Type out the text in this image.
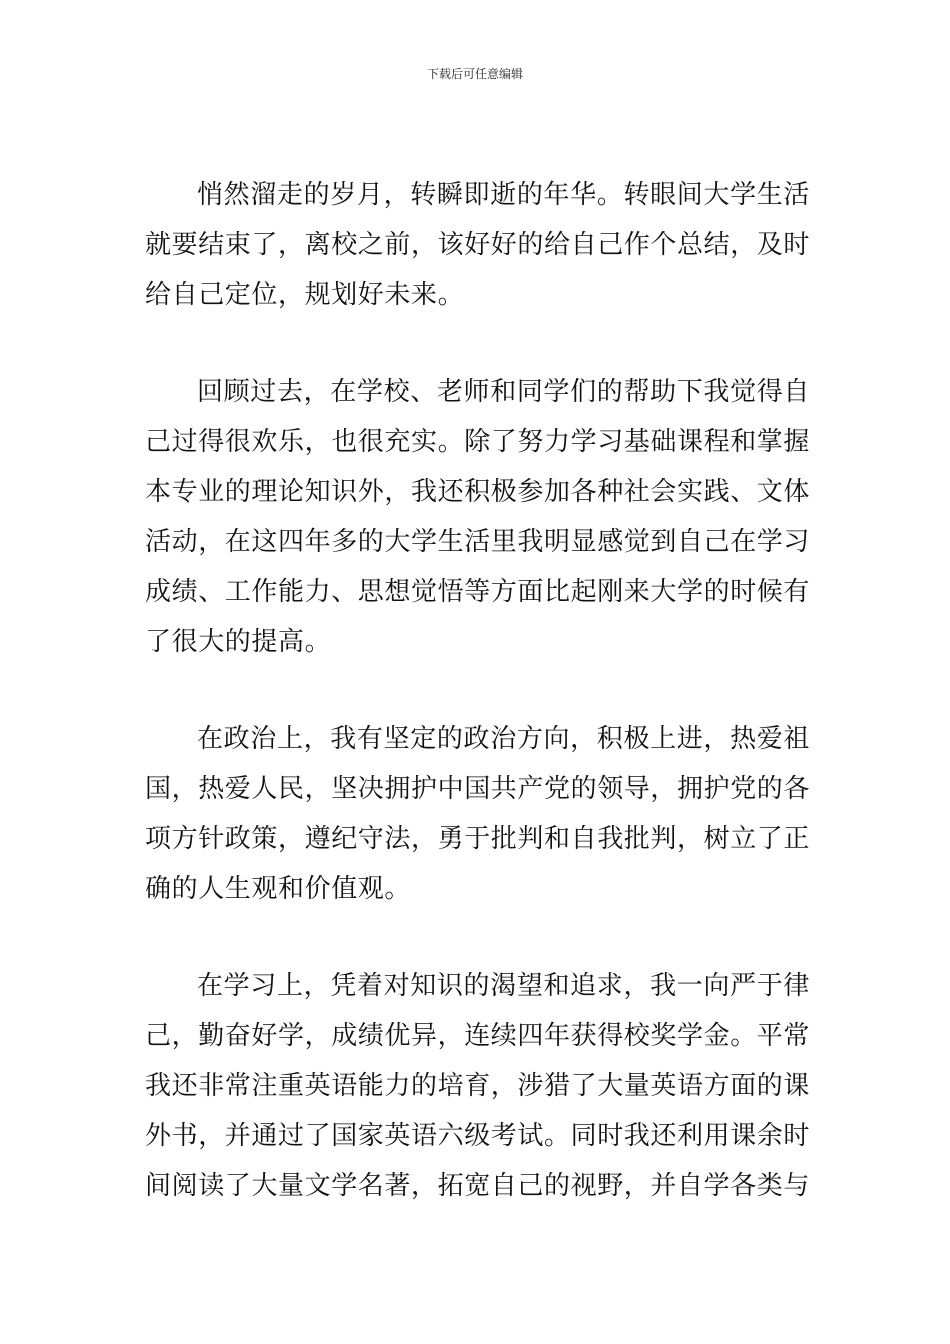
下载后可任意编辑

悄然溜走的岁月，转瞬即逝的年华。转眼间大学生活就要结束了，离校之前，该好好的给自己作个总结，及时给自己定位，规划好未来。

回顾过去，在学校、老师和同学们的帮助下我觉得自己过得很欢乐，也很充实。除了努力学习基础课程和掌握本专业的理论知识外，我还积极参加各种社会实践、文体活动，在这四年多的大学生活里我明显感觉到自己在学习成绩、工作能力、思想觉悟等方面比起刚来大学的时候有了很大的提高。

在政治上，我有坚定的政治方向，积极上进，热爱祖国，热爱人民，坚决拥护中国共产党的领导，拥护党的各项方针政策，遵纪守法，勇于批判和自我批判，树立了正确的人生观和价值观。

在学习上，凭着对知识的渴望和追求，我一向严于律己，勤奋好学，成绩优异，连续四年获得校奖学金。平常我还非常注重英语能力的培育，涉猎了大量英语方面的课外书，并通过了国家英语六级考试。同时我还利用课余时间阅读了大量文学名著，拓宽自己的视野，并自学各类与
